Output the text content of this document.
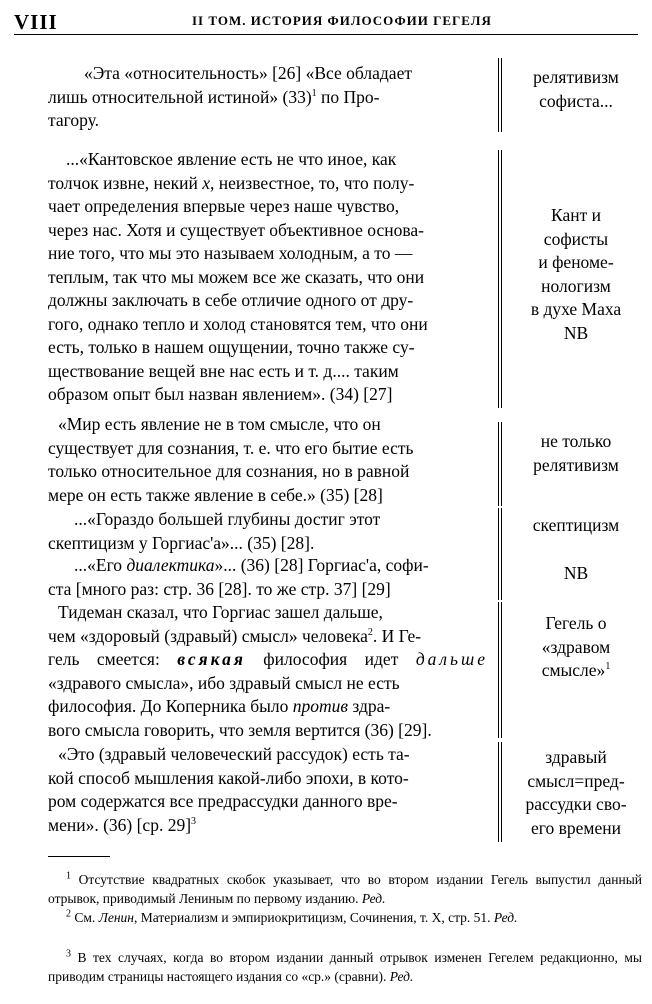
VIII	II ТОМ. ИСТОРИЯ ФИЛОСОФИИ ГЕГЕЛЯ
«Эта «относительность» [26] «Все обладает

лишь относительной истиной» $(33)^1$ по Про-
тагору.
релятивизм
софиста...
...«Кантовское явление есть не что иное, как
толчок извне, некий x, неизвестное, то, что полу-
чает определения впервые через наше чувство,
через нас. Хотя и существует объективное основа-
ние того, что мы это называем холодным, а то —
теплым, так что мы можем все же сказать, что они
должны заключать в себе отличие одного от дру-
гого, однако тепло и холод становятся тем, что они
есть, только в нашем ощущении, точно также су-
ществование вещей вне нас есть и т. д.... таким
образом опыт был назван явлением». (34) [27]
Кант и
софисты
и феноме-
нологизм
в духе Маха
NB
«Мир есть явление не в том смысле, что он
существует для сознания, т. е. что его бытие есть
только относительное для сознания, но в равной
мере он есть также явление в себе.» (35) [28]
не только
релятивизм
...«Гораздо большей глубины достиг этот
скептицизм у Горгиас'а»... (35) [28].
скептицизм
...«Его диалектика»... (36) [28] Горгиас'а, софи-
ста [много раз: стр. 36 [28]. то же стр. 37] [29]
NB
Тидеман сказал, что Горгиас зашел дальше,
чем «здоровый (здравый) смысл» человека$^2$. И Ге-
гель смеется: всякая философия идет дальше
«здравого смысла», ибо здравый смысл не есть
философия. До Коперника было против здра-
вого смысла говорить, что земля вертится (36) [29].
Гегель о
«здравом
смысле»$^1$
«Это (здравый человеческий рассудок) есть та-
кой способ мышления какой-либо эпохи, в кото-
ром содержатся все предрассудки данного вре-
мени». (36) [ср. 29]$^3$
здравый
смысл=пред-
рассудки сво-
его времени
$^1$ Отсутствие квадратных скобок указывает, что во втором издании Гегель выпустил данный отрывок, приводимый Лениным по первому изданию. Ред.
$^2$ См. Ленин, Материализм и эмпириокритицизм, Сочинения, т. X, стр. 51. Ред.
$^3$ В тех случаях, когда во втором издании данный отрывок изменен Гегелем редакционно, мы приводим страницы настоящего издания со «ср.» (сравни). Ред.
